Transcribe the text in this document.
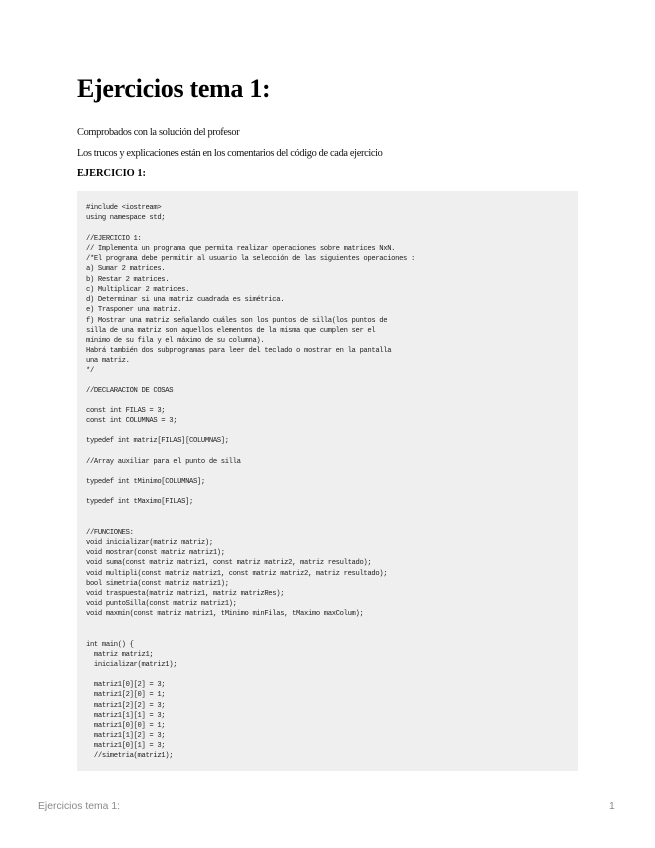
Ejercicios tema 1:

Comprobados con la solución del profesor

Los trucos y explicaciones están en los comentarios del código de cada ejercicio

EJERCICIO 1:

#include <iostream>
using namespace std;
//EJERCICIO 1:
// Implementa un programa que permita realizar operaciones sobre matrices NxN.
/*El programa debe permitir al usuario la selección de las siguientes operaciones :
a) Sumar 2 matrices.
b) Restar 2 matrices.
c) Multiplicar 2 matrices.
d) Determinar si una matriz cuadrada es simétrica.
e) Trasponer una matriz.
f) Mostrar una matriz señalando cuáles son los puntos de silla(los puntos de
silla de una matriz son aquellos elementos de la misma que cumplen ser el
mínimo de su fila y el máximo de su columna).
Habrá también dos subprogramas para leer del teclado o mostrar en la pantalla
una matriz.
*/
//DECLARACION DE COSAS
const int FILAS = 3;
const int COLUMNAS = 3;
typedef int matriz[FILAS][COLUMNAS];
//Array auxiliar para el punto de silla
typedef int tMinimo[COLUMNAS];
typedef int tMaximo[FILAS];
//FUNCIONES:
void inicializar(matriz matriz);
void mostrar(const matriz matriz1);
void suma(const matriz matriz1, const matriz matriz2, matriz resultado);
void multipli(const matriz matriz1, const matriz matriz2, matriz resultado);
bool simetria(const matriz matriz1);
void traspuesta(matriz matriz1, matriz matrizRes);
void puntoSilla(const matriz matriz1);
void maxmin(const matriz matriz1, tMinimo minFilas, tMaximo maxColum);
int main() {
matriz matriz1;
inicializar(matriz1);
matriz1[0][2] = 3;
matriz1[2][0] = 1;
matriz1[2][2] = 3;
matriz1[1][1] = 3;
matriz1[0][0] = 1;
matriz1[1][2] = 3;
matriz1[0][1] = 3;
//simetria(matriz1);
Ejercicios tema 1:	1
